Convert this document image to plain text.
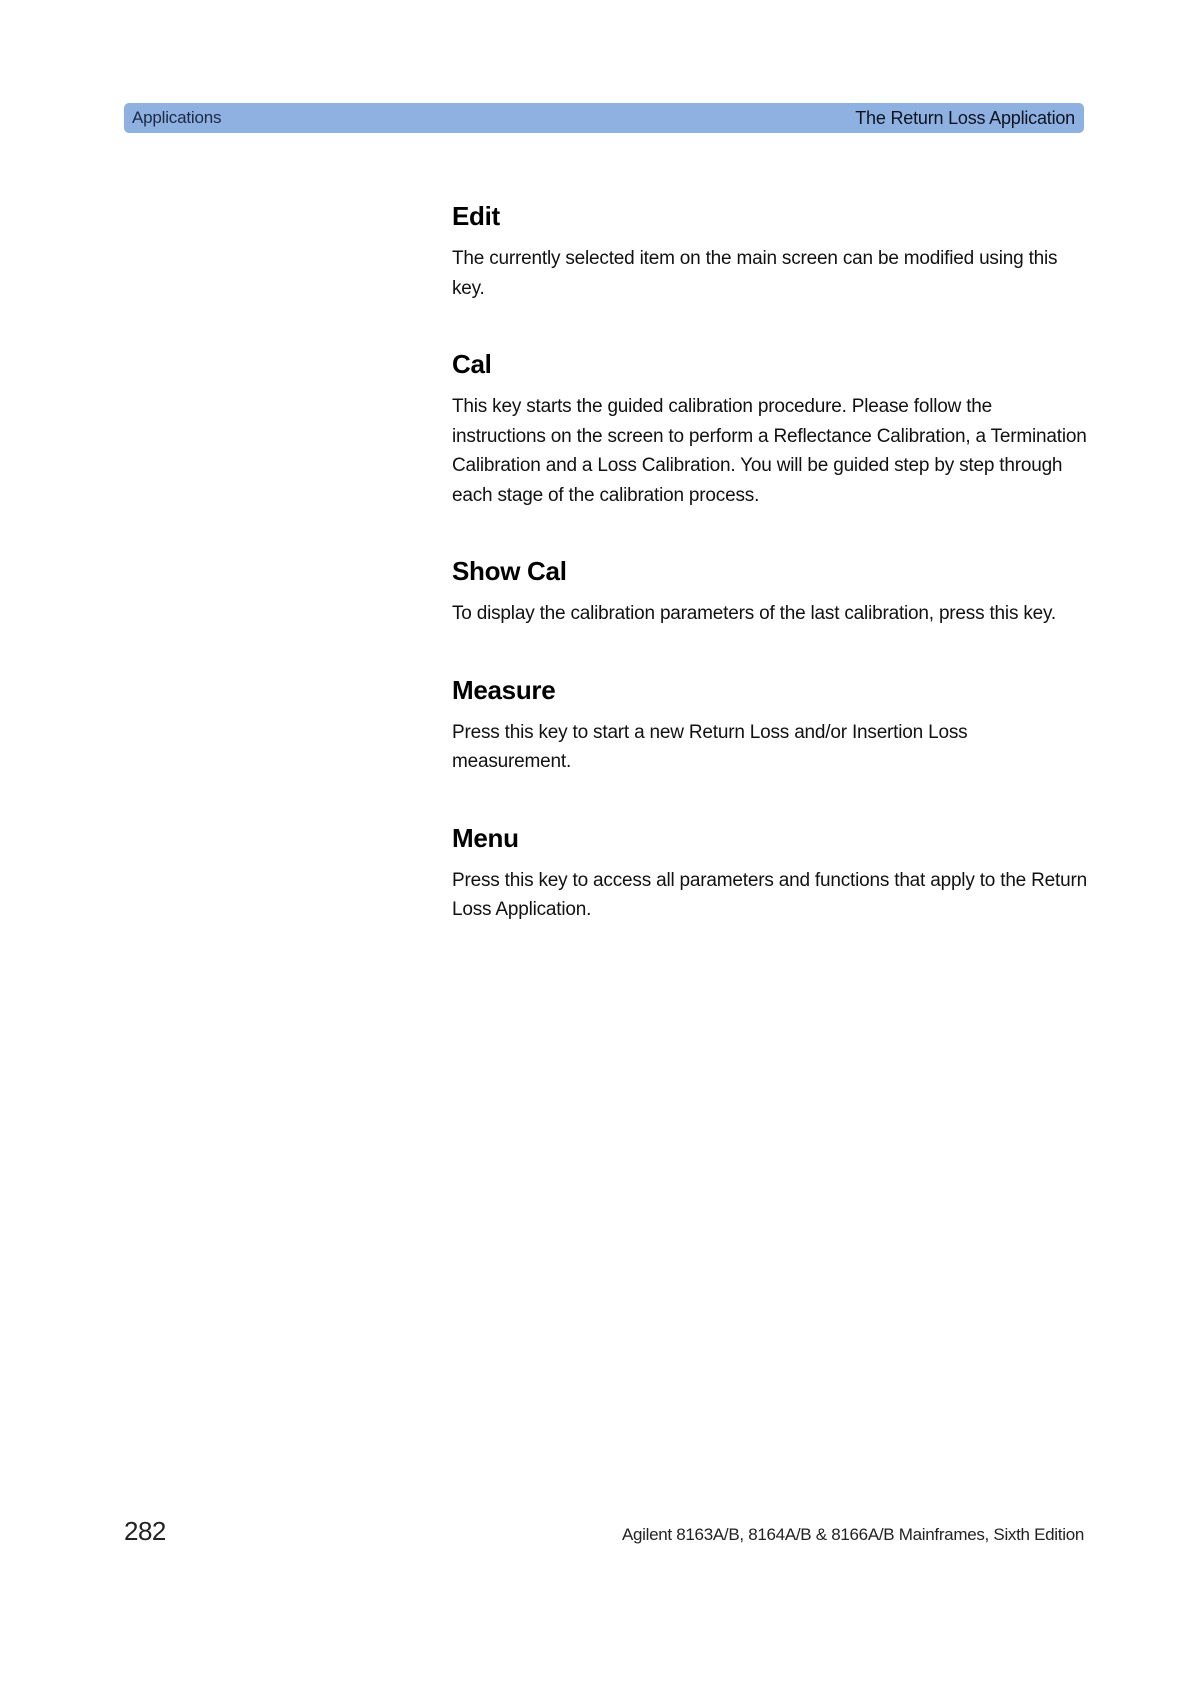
Applications	The Return Loss Application
Edit

The currently selected item on the main screen can be modified using this key.

Cal

This key starts the guided calibration procedure. Please follow the instructions on the screen to perform a Reflectance Calibration, a Termination Calibration and a Loss Calibration. You will be guided step by step through each stage of the calibration process.

Show Cal

To display the calibration parameters of the last calibration, press this key.

Measure

Press this key to start a new Return Loss and/or Insertion Loss measurement.

Menu

Press this key to access all parameters and functions that apply to the Return Loss Application.

282	Agilent 8163A/B, 8164A/B & 8166A/B Mainframes, Sixth Edition
